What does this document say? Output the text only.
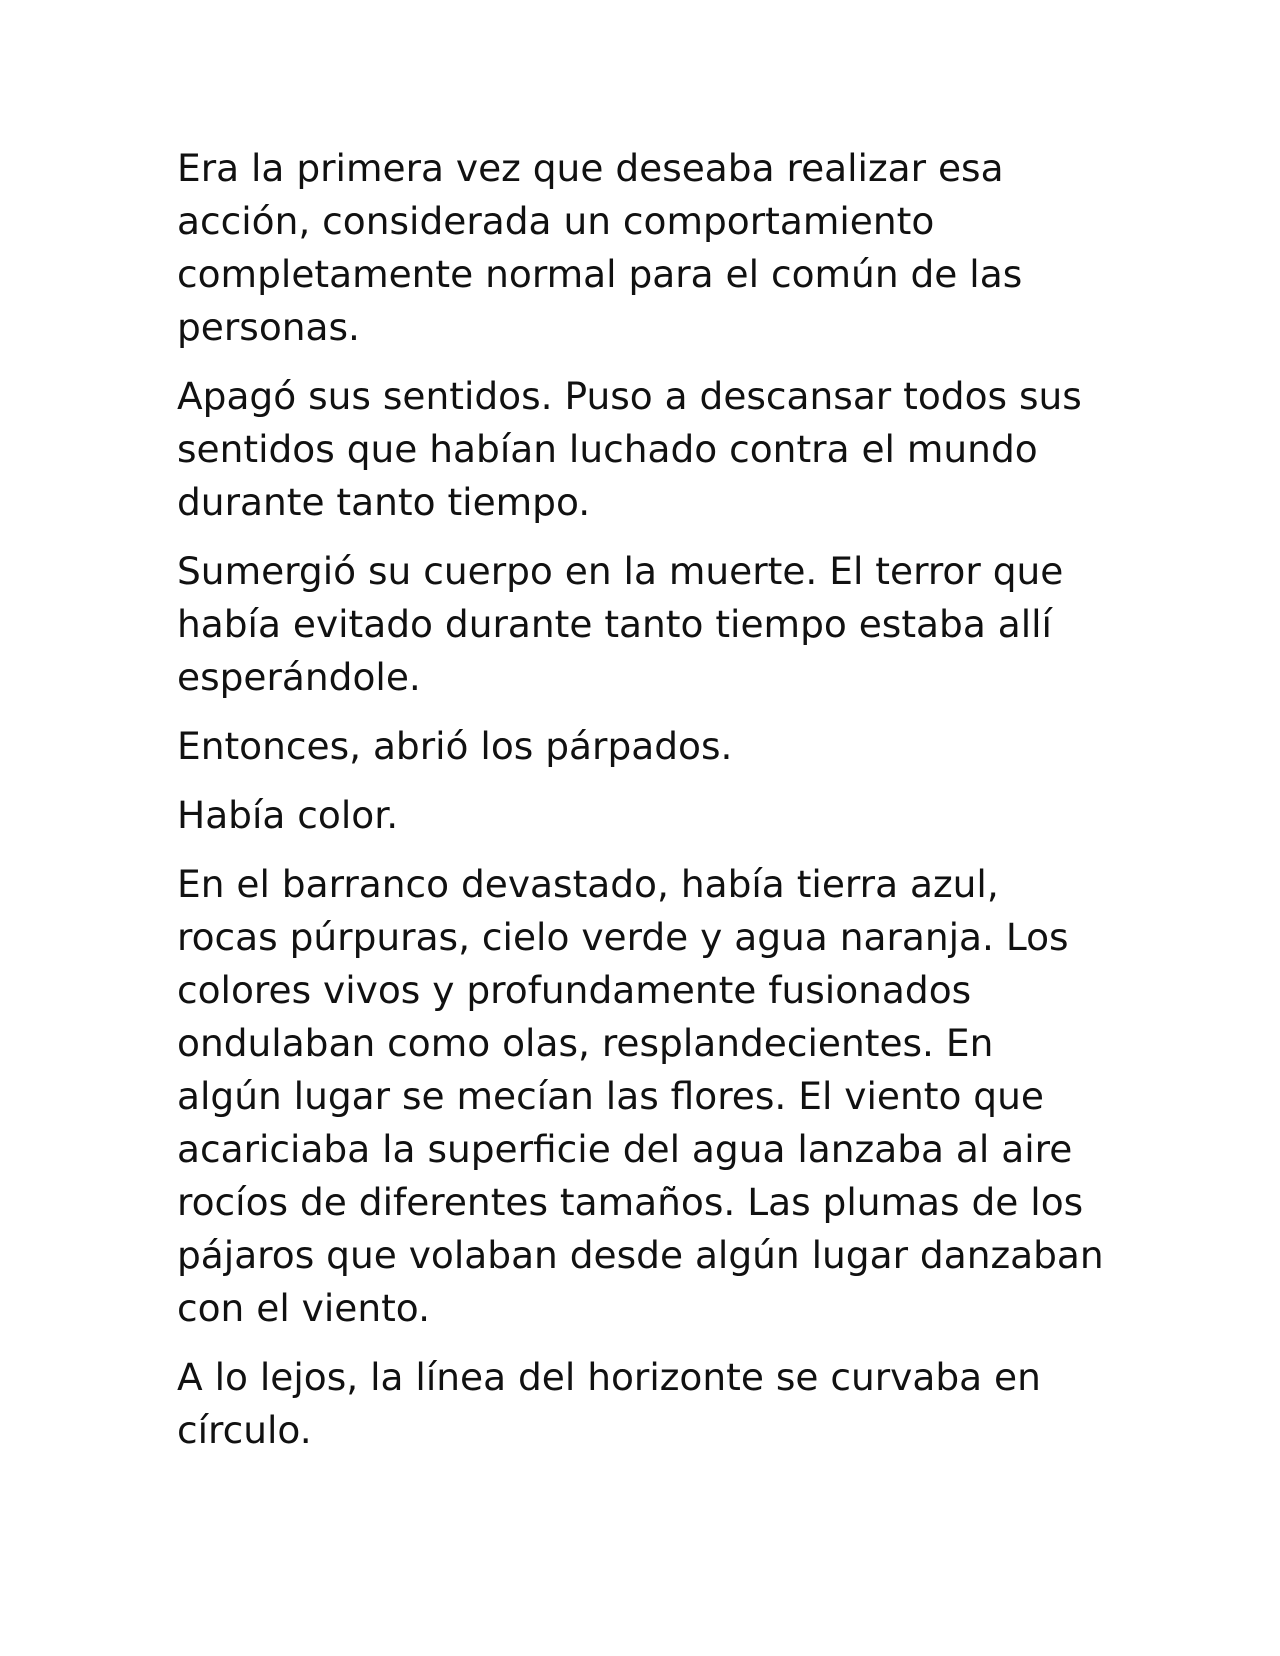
Era la primera vez que deseaba realizar esa acción, considerada un comportamiento completamente normal para el común de las personas.

Apagó sus sentidos. Puso a descansar todos sus sentidos que habían luchado contra el mundo durante tanto tiempo.

Sumergió su cuerpo en la muerte. El terror que había evitado durante tanto tiempo estaba allí esperándole.

Entonces, abrió los párpados.

Había color.

En el barranco devastado, había tierra azul, rocas púrpuras, cielo verde y agua naranja. Los colores vivos y profundamente fusionados ondulaban como olas, resplandecientes. En algún lugar se mecían las flores. El viento que acariciaba la superficie del agua lanzaba al aire rocíos de diferentes tamaños. Las plumas de los pájaros que volaban desde algún lugar danzaban con el viento.

A lo lejos, la línea del horizonte se curvaba en círculo.
